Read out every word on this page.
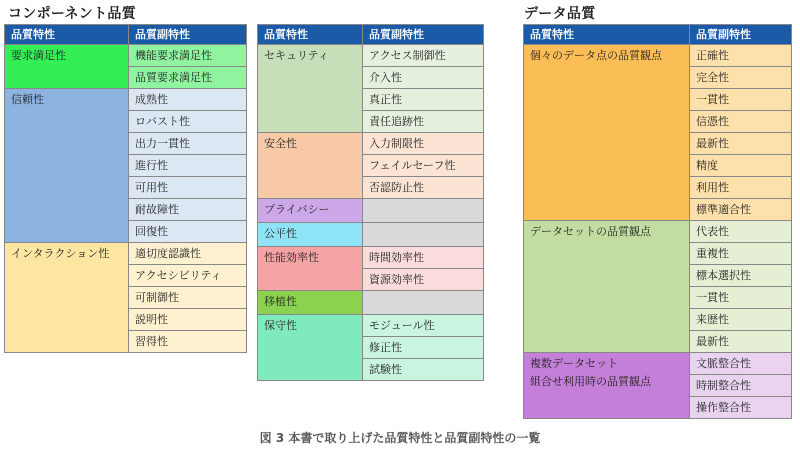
コンポーネント品質	データ品質
品質特性	品質副特性
要求満足性	機能要求満足性
	品質要求満足性
信頼性	成熟性
	ロバスト性
	出力一貫性
	進行性
	可用性
	耐故障性
	回復性
インタラクション性	適切度認識性
	アクセシビリティ
	可制御性
	説明性
	習得性
品質特性	品質副特性
セキュリティ	アクセス制御性
	介入性
	真正性
	責任追跡性
安全性	入力制限性
	フェイルセーフ性
	否認防止性
プライバシー	
公平性	
性能効率性	時間効率性
	資源効率性
移植性	
保守性	モジュール性
	修正性
	試験性
品質特性	品質副特性
個々のデータ点の品質観点	正確性
	完全性
	一貫性
	信憑性
	最新性
	精度
	利用性
	標準適合性
データセットの品質観点	代表性
	重複性
	標本選択性
	一貫性
	来歴性
	最新性
複数データセット
組合せ利用時の品質観点	文脈整合性
	時制整合性
	操作整合性
図 3 本書で取り上げた品質特性と品質副特性の一覧
